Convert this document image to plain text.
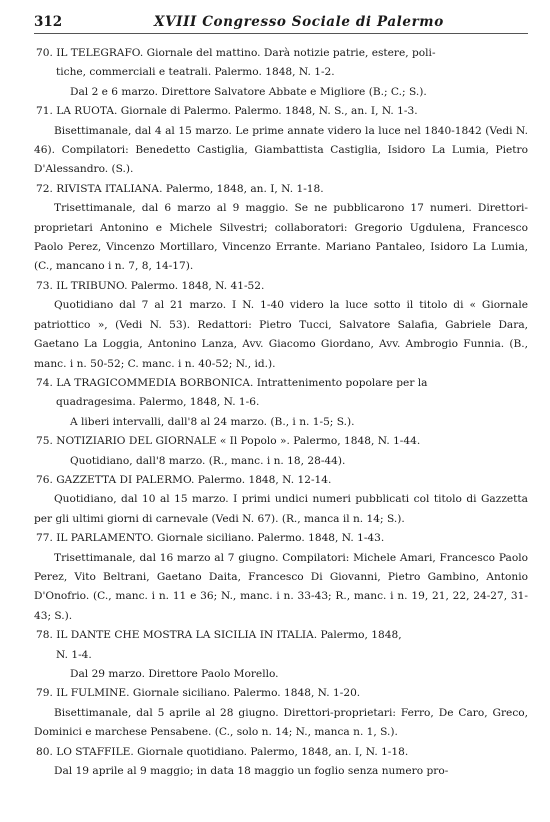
312	XVIII Congresso Sociale di Palermo

70. IL TELEGRAFO. Giornale del mattino. Darà notizie patrie, estere, poli-

tiche, commerciali e teatrali. Palermo. 1848, N. 1-2.

Dal 2 e 6 marzo. Direttore Salvatore Abbate e Migliore (B.; C.; S.).

71. LA RUOTA. Giornale di Palermo. Palermo. 1848, N. S., an. I, N. 1-3.

Bisettimanale, dal 4 al 15 marzo. Le prime annate videro la luce nel 1840-1842 (Vedi N. 46). Compilatori: Benedetto Castiglia, Giambattista Castiglia, Isidoro La Lumia, Pietro D'Alessandro. (S.).

72. RIVISTA ITALIANA. Palermo, 1848, an. I, N. 1-18.

Trisettimanale, dal 6 marzo al 9 maggio. Se ne pubblicarono 17 numeri. Direttori-proprietari Antonino e Michele Silvestri; collaboratori: Gregorio Ugdulena, Francesco Paolo Perez, Vincenzo Mortillaro, Vincenzo Errante. Mariano Pantaleo, Isidoro La Lumia, (C., mancano i n. 7, 8, 14-17).

73. IL TRIBUNO. Palermo. 1848, N. 41-52.

Quotidiano dal 7 al 21 marzo. I N. 1-40 videro la luce sotto il titolo di « Giornale patriottico », (Vedi N. 53). Redattori: Pietro Tucci, Salvatore Salafia, Gabriele Dara, Gaetano La Loggia, Antonino Lanza, Avv. Giacomo Giordano, Avv. Ambrogio Funnia. (B., manc. i n. 50-52; C. manc. i n. 40-52; N., id.).

74. LA TRAGICOMMEDIA BORBONICA. Intrattenimento popolare per la

quadragesima. Palermo, 1848, N. 1-6.

A liberi intervalli, dall'8 al 24 marzo. (B., i n. 1-5; S.).

75. NOTIZIARIO DEL GIORNALE « Il Popolo ». Palermo, 1848, N. 1-44.

Quotidiano, dall'8 marzo. (R., manc. i n. 18, 28-44).

76. GAZZETTA DI PALERMO. Palermo. 1848, N. 12-14.

Quotidiano, dal 10 al 15 marzo. I primi undici numeri pubblicati col titolo di Gazzetta per gli ultimi giorni di carnevale (Vedi N. 67). (R., manca il n. 14; S.).

77. IL PARLAMENTO. Giornale siciliano. Palermo. 1848, N. 1-43.

Trisettimanale, dal 16 marzo al 7 giugno. Compilatori: Michele Amari, Francesco Paolo Perez, Vito Beltrani, Gaetano Daita, Francesco Di Giovanni, Pietro Gambino, Antonio D'Onofrio. (C., manc. i n. 11 e 36; N., manc. i n. 33-43; R., manc. i n. 19, 21, 22, 24-27, 31-43; S.).

78. IL DANTE CHE MOSTRA LA SICILIA IN ITALIA. Palermo, 1848,

N. 1-4.

Dal 29 marzo. Direttore Paolo Morello.

79. IL FULMINE. Giornale siciliano. Palermo. 1848, N. 1-20.

Bisettimanale, dal 5 aprile al 28 giugno. Direttori-proprietari: Ferro, De Caro, Greco, Dominici e marchese Pensabene. (C., solo n. 14; N., manca n. 1, S.).

80. LO STAFFILE. Giornale quotidiano. Palermo, 1848, an. I, N. 1-18.

Dal 19 aprile al 9 maggio; in data 18 maggio un foglio senza numero pro-
